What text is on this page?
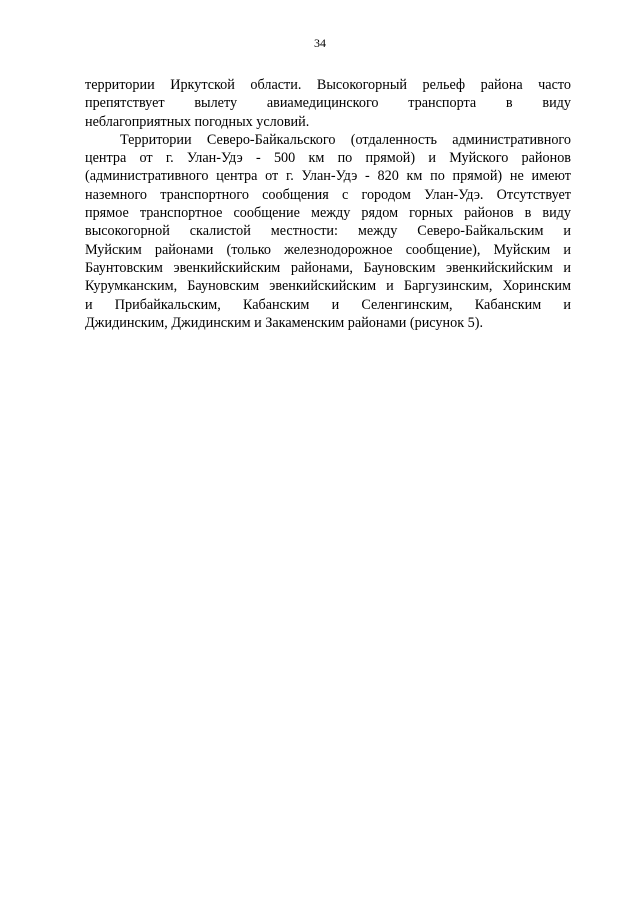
34
территории Иркутской области. Высокогорный рельеф района часто
препятствует вылету авиамедицинского транспорта в виду
неблагоприятных погодных условий.
Территории Северо-Байкальского (отдаленность административного
центра от г. Улан-Удэ - 500 км по прямой) и Муйского районов
(административного центра от г. Улан-Удэ - 820 км по прямой) не имеют
наземного транспортного сообщения с городом Улан-Удэ. Отсутствует
прямое транспортное сообщение между рядом горных районов в виду
высокогорной скалистой местности: между Северо-Байкальским и
Муйским районами (только железнодорожное сообщение), Муйским и
Баунтовским эвенкийскийским районами, Бауновским эвенкийскийским и
Курумканским, Бауновским эвенкийскийским и Баргузинским, Хоринским
и Прибайкальским, Кабанским и Селенгинским, Кабанским и
Джидинским, Джидинским и Закаменским районами (рисунок 5).
